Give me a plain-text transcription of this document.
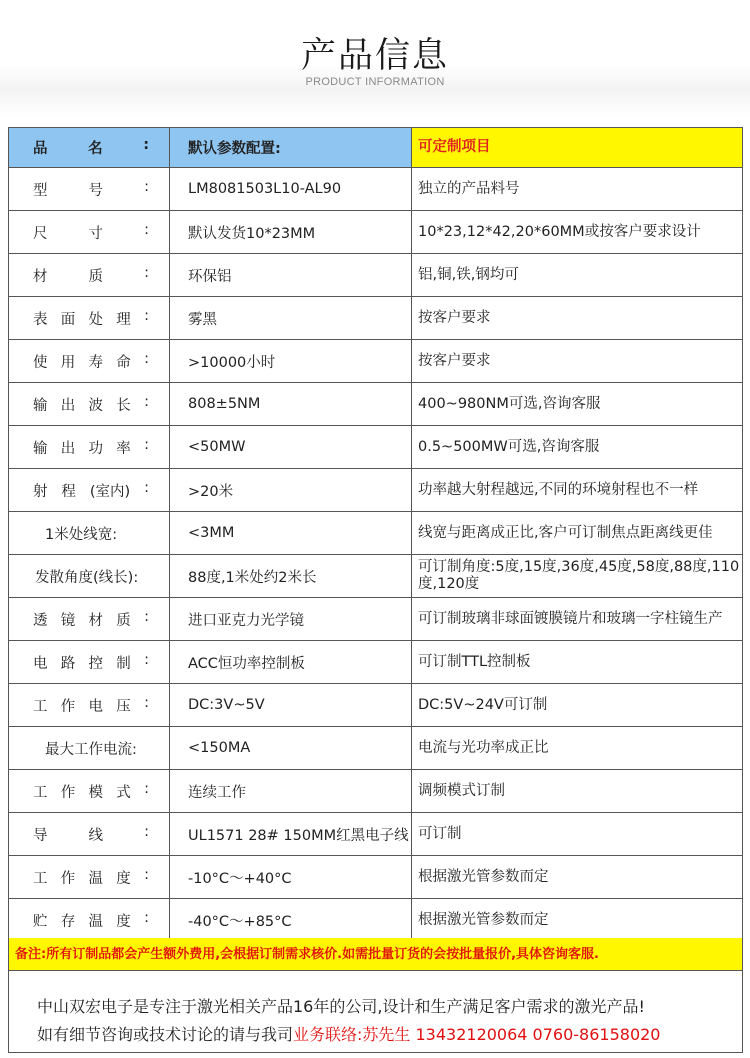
产品信息
PRODUCT INFORMATION
品 名 :	默认参数配置:	可定制项目

型 号 :	LM8081503L10-AL90	独立的产品料号

尺 寸 :	默认发货10*23MM	10*23,12*42,20*60MM或按客户要求设计

材 质 :	环保铝	铝,铜,铁,钢均可

表 面 处 理 :	雾黑	按客户要求

使 用 寿 命 :	>10000小时	按客户要求

输 出 波 长 :	808±5NM	400~980NM可选,咨询客服

输 出 功 率 :	<50MW	0.5~500MW可选,咨询客服

射 程 (室内) :	>20米	功率越大射程越远,不同的环境射程也不一样

1米处线宽:	<3MM	线宽与距离成正比,客户可订制焦点距离线更佳

发散角度(线长):	88度,1米处约2米长	可订制角度:5度,15度,36度,45度,58度,88度,110度,120度

透 镜 材 质 :	进口亚克力光学镜	可订制玻璃非球面镀膜镜片和玻璃一字柱镜生产

电 路 控 制 :	ACC恒功率控制板	可订制TTL控制板

工 作 电 压 :	DC:3V~5V	DC:5V~24V可订制

最大工作电流:	<150MA	电流与光功率成正比

工 作 模 式 :	连续工作	调频模式订制

导 线 :	UL1571 28# 150MM红黑电子线	可订制

工 作 温 度 :	-10°C～+40°C	根据激光管参数而定

贮 存 温 度 :	-40°C～+85°C	根据激光管参数而定
备注:所有订制品都会产生额外费用,会根据订制需求核价.如需批量订货的会按批量报价,具体咨询客服.
中山双宏电子是专注于激光相关产品16年的公司,设计和生产满足客户需求的激光产品!
如有细节咨询或技术讨论的请与我司业务联络:苏先生 13432120064 0760-86158020
